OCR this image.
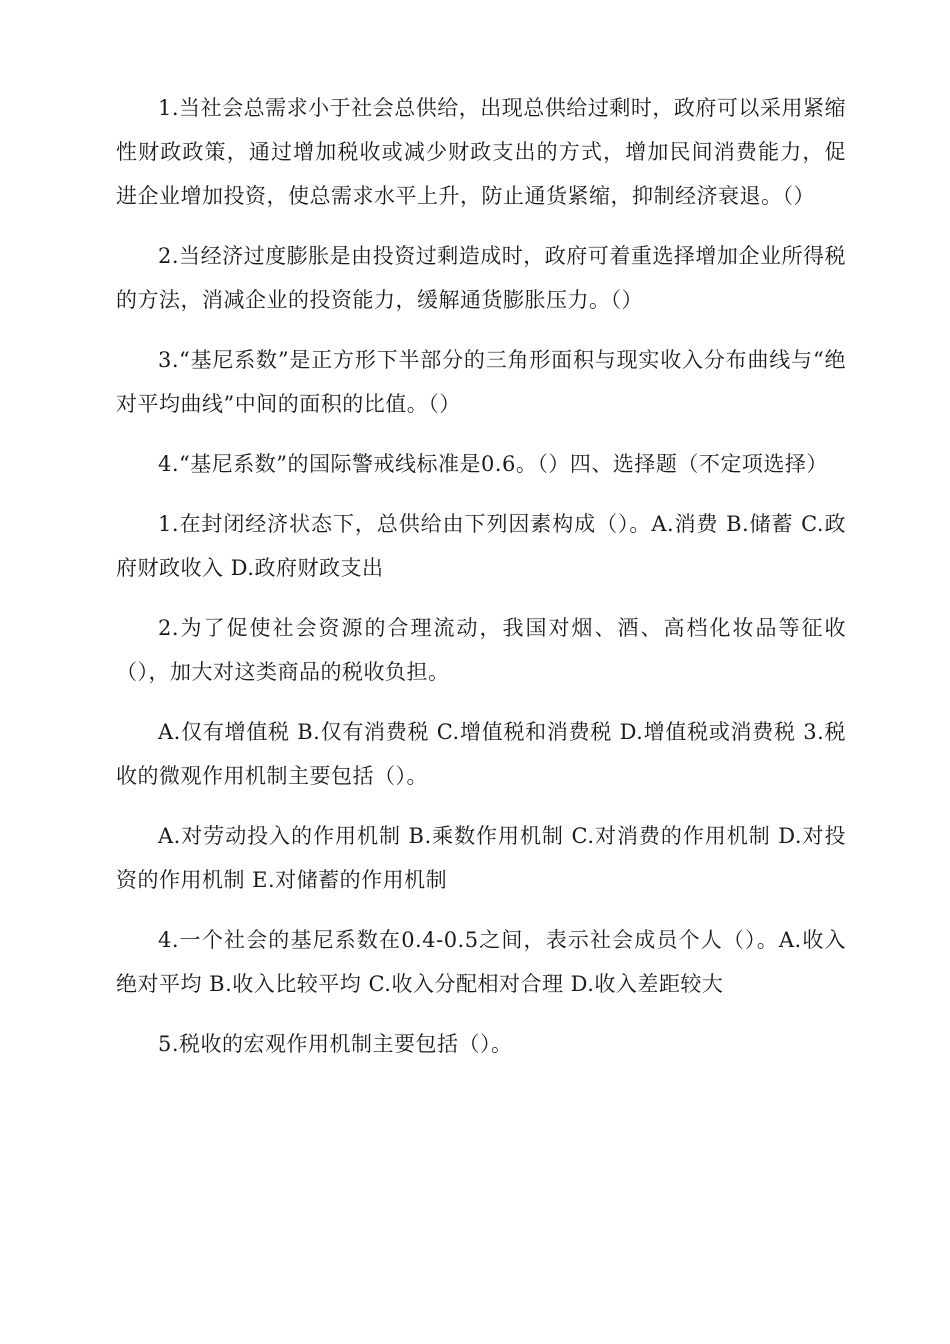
1.当社会总需求小于社会总供给，出现总供给过剩时，政府可以采用紧缩性财政政策，通过增加税收或减少财政支出的方式，增加民间消费能力，促进企业增加投资，使总需求水平上升，防止通货紧缩，抑制经济衰退。（）

2.当经济过度膨胀是由投资过剩造成时，政府可着重选择增加企业所得税的方法，消减企业的投资能力，缓解通货膨胀压力。（）

3.“基尼系数”是正方形下半部分的三角形面积与现实收入分布曲线与“绝对平均曲线”中间的面积的比值。（）

4.“基尼系数”的国际警戒线标准是0.6。（）四、选择题（不定项选择）

1.在封闭经济状态下，总供给由下列因素构成（）。A.消费 B.储蓄 C.政府财政收入 D.政府财政支出

2.为了促使社会资源的合理流动，我国对烟、酒、高档化妆品等征收（），加大对这类商品的税收负担。

A.仅有增值税 B.仅有消费税 C.增值税和消费税 D.增值税或消费税 3.税收的微观作用机制主要包括（）。

A.对劳动投入的作用机制 B.乘数作用机制 C.对消费的作用机制 D.对投资的作用机制 E.对储蓄的作用机制

4.一个社会的基尼系数在0.4-0.5之间，表示社会成员个人（）。A.收入绝对平均 B.收入比较平均 C.收入分配相对合理 D.收入差距较大

5.税收的宏观作用机制主要包括（）。
